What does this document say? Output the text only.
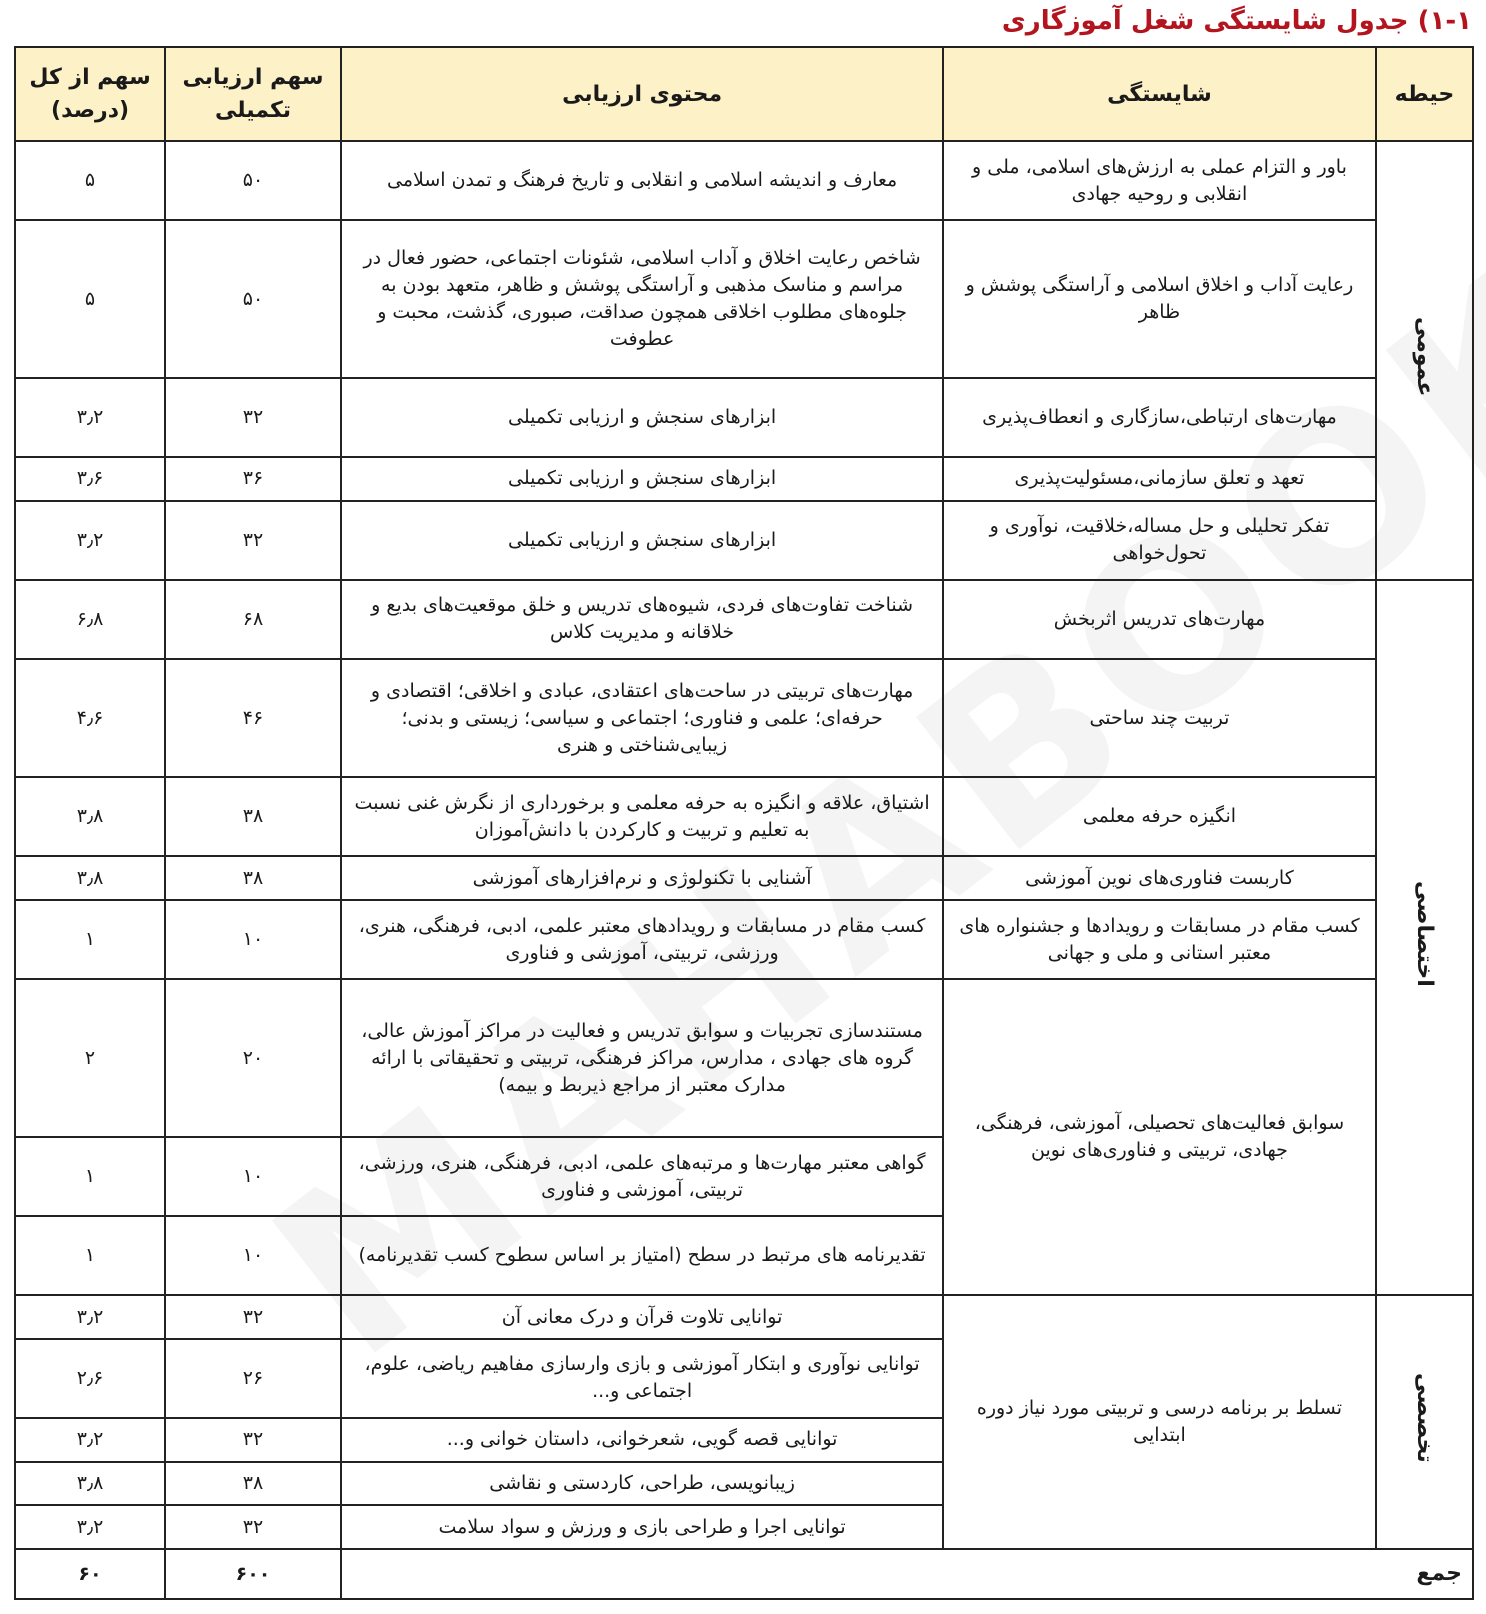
۱-۱) جدول شایستگی شغل آموزگاری
حیطه	شایستگی	محتوی ارزیابی	سهم ارزیابی تکمیلی	سهم از کل (درصد)
عمومی	باور و التزام عملی به ارزش‌های اسلامی، ملی و انقلابی و روحیه جهادی	معارف و اندیشه اسلامی و انقلابی و تاریخ فرهنگ و تمدن اسلامی	۵۰	۵
	رعایت آداب و اخلاق اسلامی و آراستگی پوشش و ظاهر	شاخص رعایت اخلاق و آداب اسلامی، شئونات اجتماعی، حضور فعال در مراسم و مناسک مذهبی و آراستگی پوشش و ظاهر، متعهد بودن به جلوه‌های مطلوب اخلاقی همچون صداقت، صبوری، گذشت، محبت و عطوفت	۵۰	۵
	مهارت‌های ارتباطی،سازگاری و انعطاف‌پذیری	ابزارهای سنجش و ارزیابی تکمیلی	۳۲	۳٫۲
	تعهد و تعلق سازمانی،مسئولیت‌پذیری	ابزارهای سنجش و ارزیابی تکمیلی	۳۶	۳٫۶
	تفکر تحلیلی و حل مساله،خلاقیت، نوآوری و تحول‌خواهی	ابزارهای سنجش و ارزیابی تکمیلی	۳۲	۳٫۲
اختصاصی	مهارت‌های تدریس اثربخش	شناخت تفاوت‌های فردی، شیوه‌های تدریس و خلق موقعیت‌های بدیع و خلاقانه و مدیریت کلاس	۶۸	۶٫۸
	تربیت چند ساحتی	مهارت‌های تربیتی در ساحت‌های اعتقادی، عبادی و اخلاقی؛ اقتصادی و حرفه‌ای؛ علمی و فناوری؛ اجتماعی و سیاسی؛ زیستی و بدنی؛ زیبایی‌شناختی و هنری	۴۶	۴٫۶
	انگیزه حرفه معلمی	اشتیاق، علاقه و انگیزه به حرفه معلمی و برخورداری از نگرش غنی نسبت به تعلیم و تربیت و کارکردن با دانش‌آموزان	۳۸	۳٫۸
	کاربست فناوری‌های نوین آموزشی	آشنایی با تکنولوژی و نرم‌افزارهای آموزشی	۳۸	۳٫۸
	کسب مقام در مسابقات و رویدادها و جشنواره های معتبر استانی و ملی و جهانی	کسب مقام در مسابقات و رویدادهای معتبر علمی، ادبی، فرهنگی، هنری، ورزشی، تربیتی، آموزشی و فناوری	۱۰	۱
	سوابق فعالیت‌های تحصیلی، آموزشی، فرهنگی، جهادی، تربیتی و فناوری‌های نوین	مستندسازی تجربیات و سوابق تدریس و فعالیت در مراکز آموزش عالی، گروه های جهادی ، مدارس، مراکز فرهنگی، تربیتی و تحقیقاتی با ارائه مدارک معتبر از مراجع ذیربط و بیمه)	۲۰	۲
		گواهی معتبر مهارت‌ها و مرتبه‌های علمی، ادبی، فرهنگی، هنری، ورزشی، تربیتی، آموزشی و فناوری	۱۰	۱
		تقدیرنامه های مرتبط در سطح (امتیاز بر اساس سطوح کسب تقدیرنامه)	۱۰	۱
تخصصی	تسلط بر برنامه درسی و تربیتی مورد نیاز دوره ابتدایی	توانایی تلاوت قرآن و درک معانی آن	۳۲	۳٫۲
		توانایی نوآوری و ابتکار آموزشی و بازی وارسازی مفاهیم ریاضی، علوم، اجتماعی و...	۲۶	۲٫۶
		توانایی قصه گویی، شعرخوانی، داستان خوانی و...	۳۲	۳٫۲
		زیبانویسی، طراحی، کاردستی و نقاشی	۳۸	۳٫۸
		توانایی اجرا و طراحی بازی و ورزش و سواد سلامت	۳۲	۳٫۲
جمع			۶۰۰	۶۰
